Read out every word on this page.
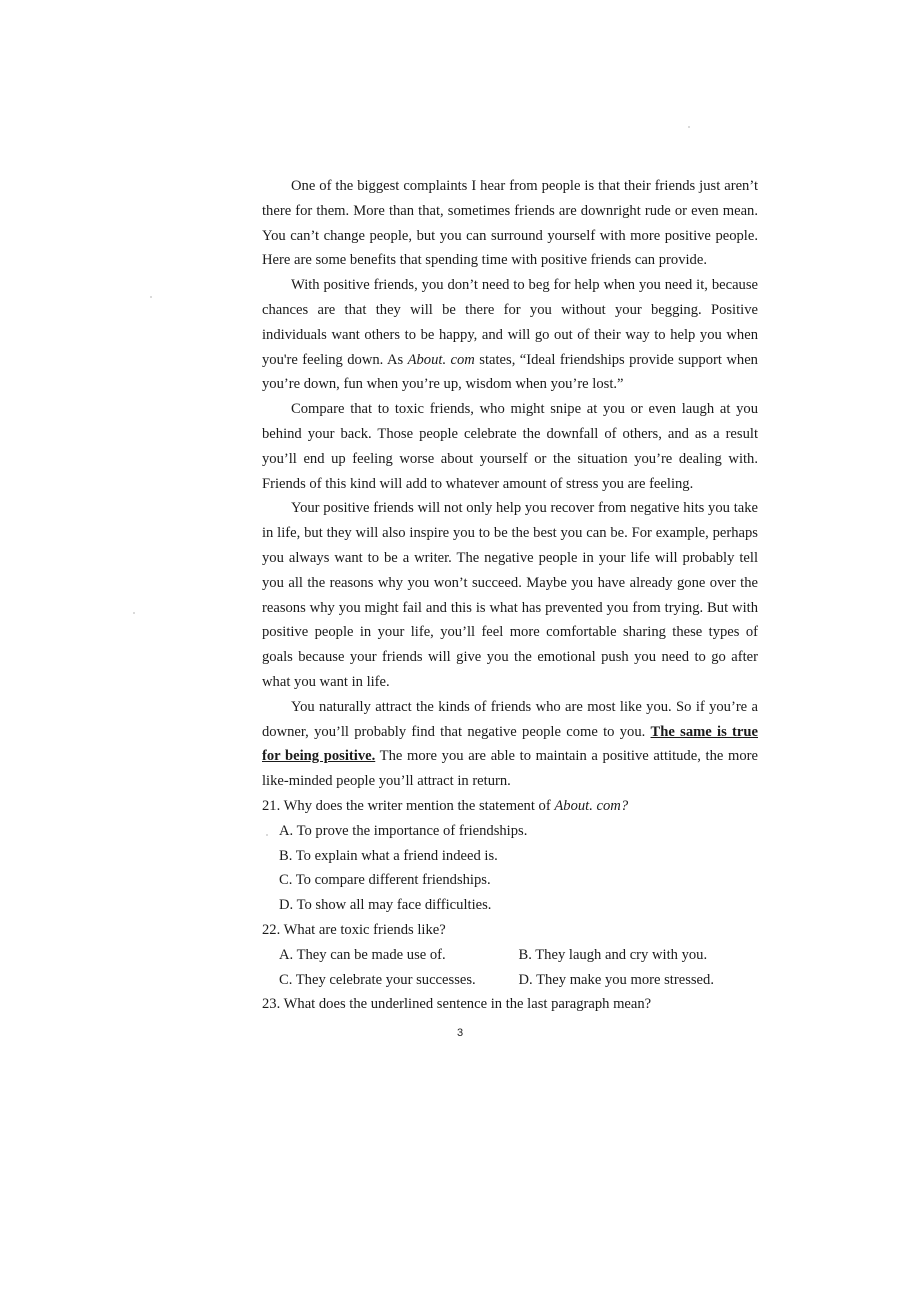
One of the biggest complaints I hear from people is that their friends just aren’t there for them. More than that, sometimes friends are downright rude or even mean. You can’t change people, but you can surround yourself with more positive people. Here are some benefits that spending time with positive friends can provide.

With positive friends, you don’t need to beg for help when you need it, because chances are that they will be there for you without your begging. Positive individuals want others to be happy, and will go out of their way to help you when you're feeling down. As About. com states, “Ideal friendships provide support when you’re down, fun when you’re up, wisdom when you’re lost.”

Compare that to toxic friends, who might snipe at you or even laugh at you behind your back. Those people celebrate the downfall of others, and as a result you’ll end up feeling worse about yourself or the situation you’re dealing with. Friends of this kind will add to whatever amount of stress you are feeling.

Your positive friends will not only help you recover from negative hits you take in life, but they will also inspire you to be the best you can be. For example, perhaps you always want to be a writer. The negative people in your life will probably tell you all the reasons why you won’t succeed. Maybe you have already gone over the reasons why you might fail and this is what has prevented you from trying. But with positive people in your life, you’ll feel more comfortable sharing these types of goals because your friends will give you the emotional push you need to go after what you want in life.

You naturally attract the kinds of friends who are most like you. So if you’re a downer, you’ll probably find that negative people come to you. The same is true for being positive. The more you are able to maintain a positive attitude, the more like-minded people you’ll attract in return.

21. Why does the writer mention the statement of About. com?

A. To prove the importance of friendships.

B. To explain what a friend indeed is.

C. To compare different friendships.

D. To show all may face difficulties.

22. What are toxic friends like?

A. They can be made use of.	B. They laugh and cry with you.
C. They celebrate your successes.	D. They make you more stressed.

23. What does the underlined sentence in the last paragraph mean?

3
